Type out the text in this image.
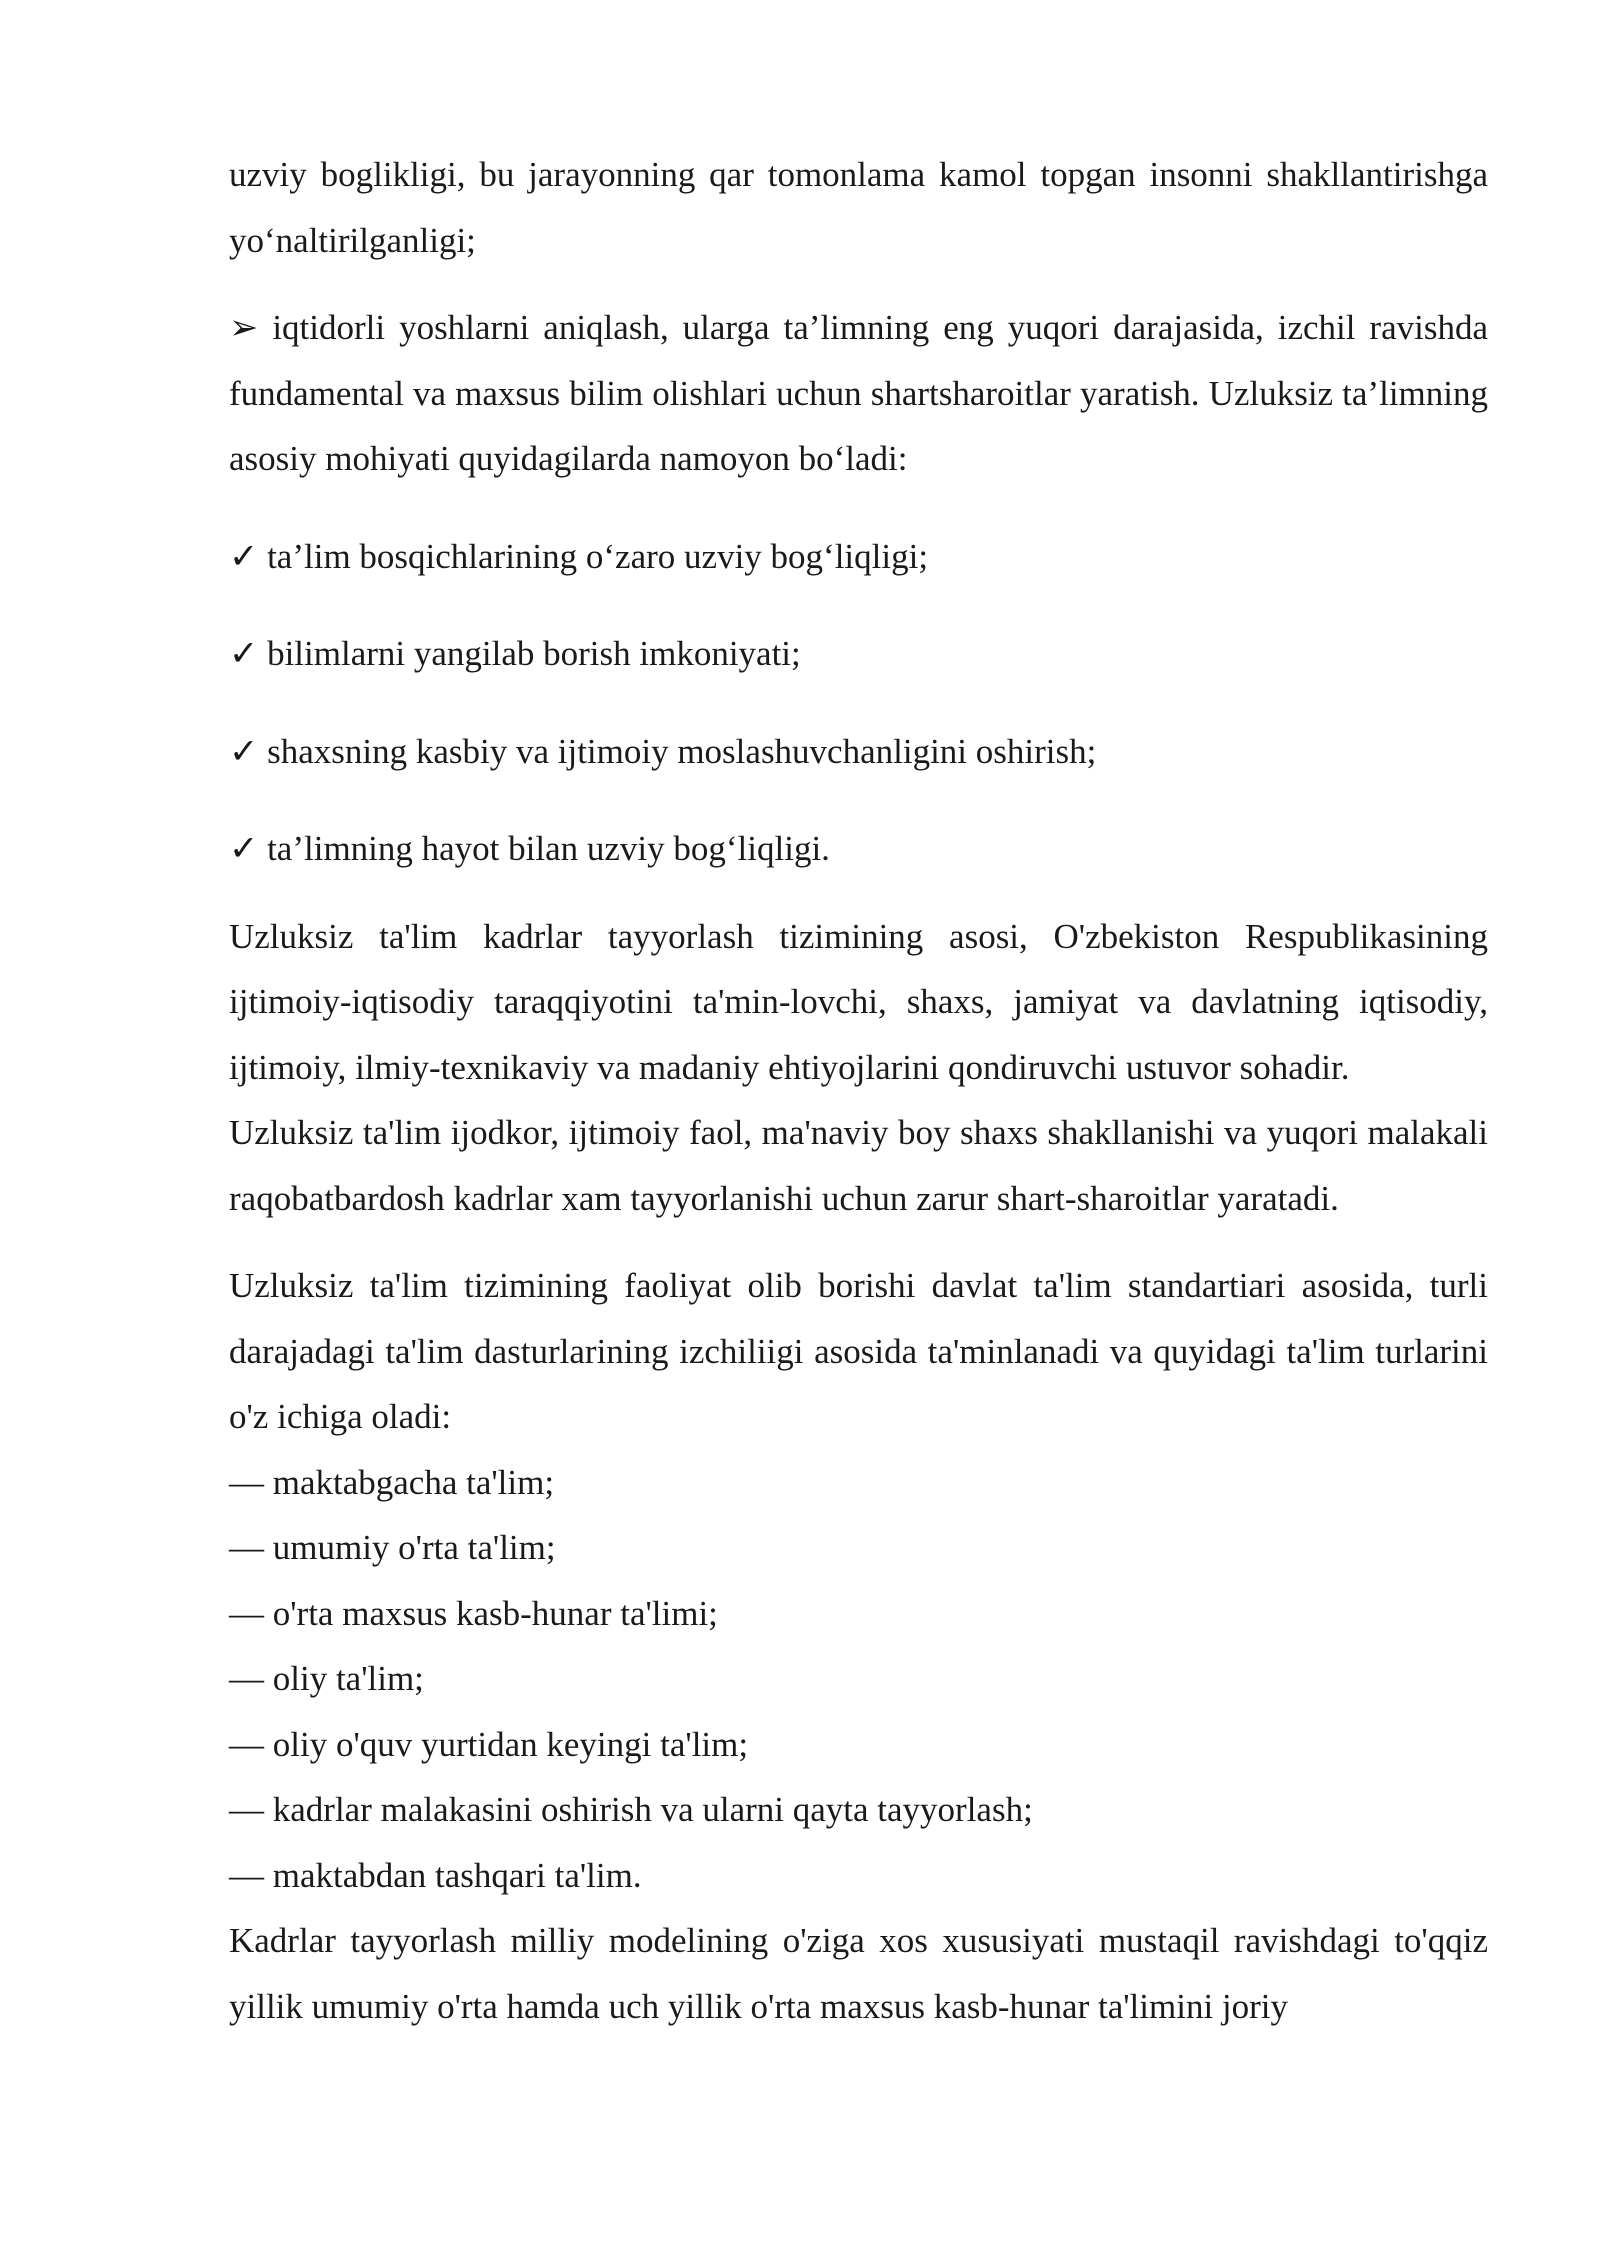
uzviy boglikligi, bu jarayonning qar tomonlama kamol topgan insonni shakllantirishga yo‘naltirilganligi;

➢ iqtidorli yoshlarni aniqlash, ularga ta’limning eng yuqori darajasida, izchil ravishda fundamental va maxsus bilim olishlari uchun shartsharoitlar yaratish. Uzluksiz ta’limning asosiy mohiyati quyidagilarda namoyon bo‘ladi:

✓ ta’lim bosqichlarining o‘zaro uzviy bog‘liqligi;

✓ bilimlarni yangilab borish imkoniyati;

✓ shaxsning kasbiy va ijtimoiy moslashuvchanligini oshirish;

✓ ta’limning hayot bilan uzviy bog‘liqligi.

Uzluksiz ta'lim kadrlar tayyorlash tizimining asosi, O'zbekiston Respublikasining ijtimoiy-iqtisodiy taraqqiyotini ta'min-lovchi, shaxs, jamiyat va davlatning iqtisodiy, ijtimoiy, ilmiy-texnikaviy va madaniy ehtiyojlarini qondiruvchi ustuvor sohadir.

Uzluksiz ta'lim ijodkor, ijtimoiy faol, ma'naviy boy shaxs shakllanishi va yuqori malakali raqobatbardosh kadrlar xam tayyorlanishi uchun zarur shart-sharoitlar yaratadi.

Uzluksiz ta'lim tizimining faoliyat olib borishi davlat ta'lim standartiari asosida, turli darajadagi ta'lim dasturlarining izchiliigi asosida ta'minlanadi va quyidagi ta'lim turlarini o'z ichiga oladi:

— maktabgacha ta'lim;
— umumiy o'rta ta'lim;
— o'rta maxsus kasb-hunar ta'limi;
— oliy ta'lim;
— oliy o'quv yurtidan keyingi ta'lim;
— kadrlar malakasini oshirish va ularni qayta tayyorlash;
— maktabdan tashqari ta'lim.

Kadrlar tayyorlash milliy modelining o'ziga xos xususiyati mustaqil ravishdagi to'qqiz yillik umumiy o'rta hamda uch yillik o'rta maxsus kasb-hunar ta'limini joriy
